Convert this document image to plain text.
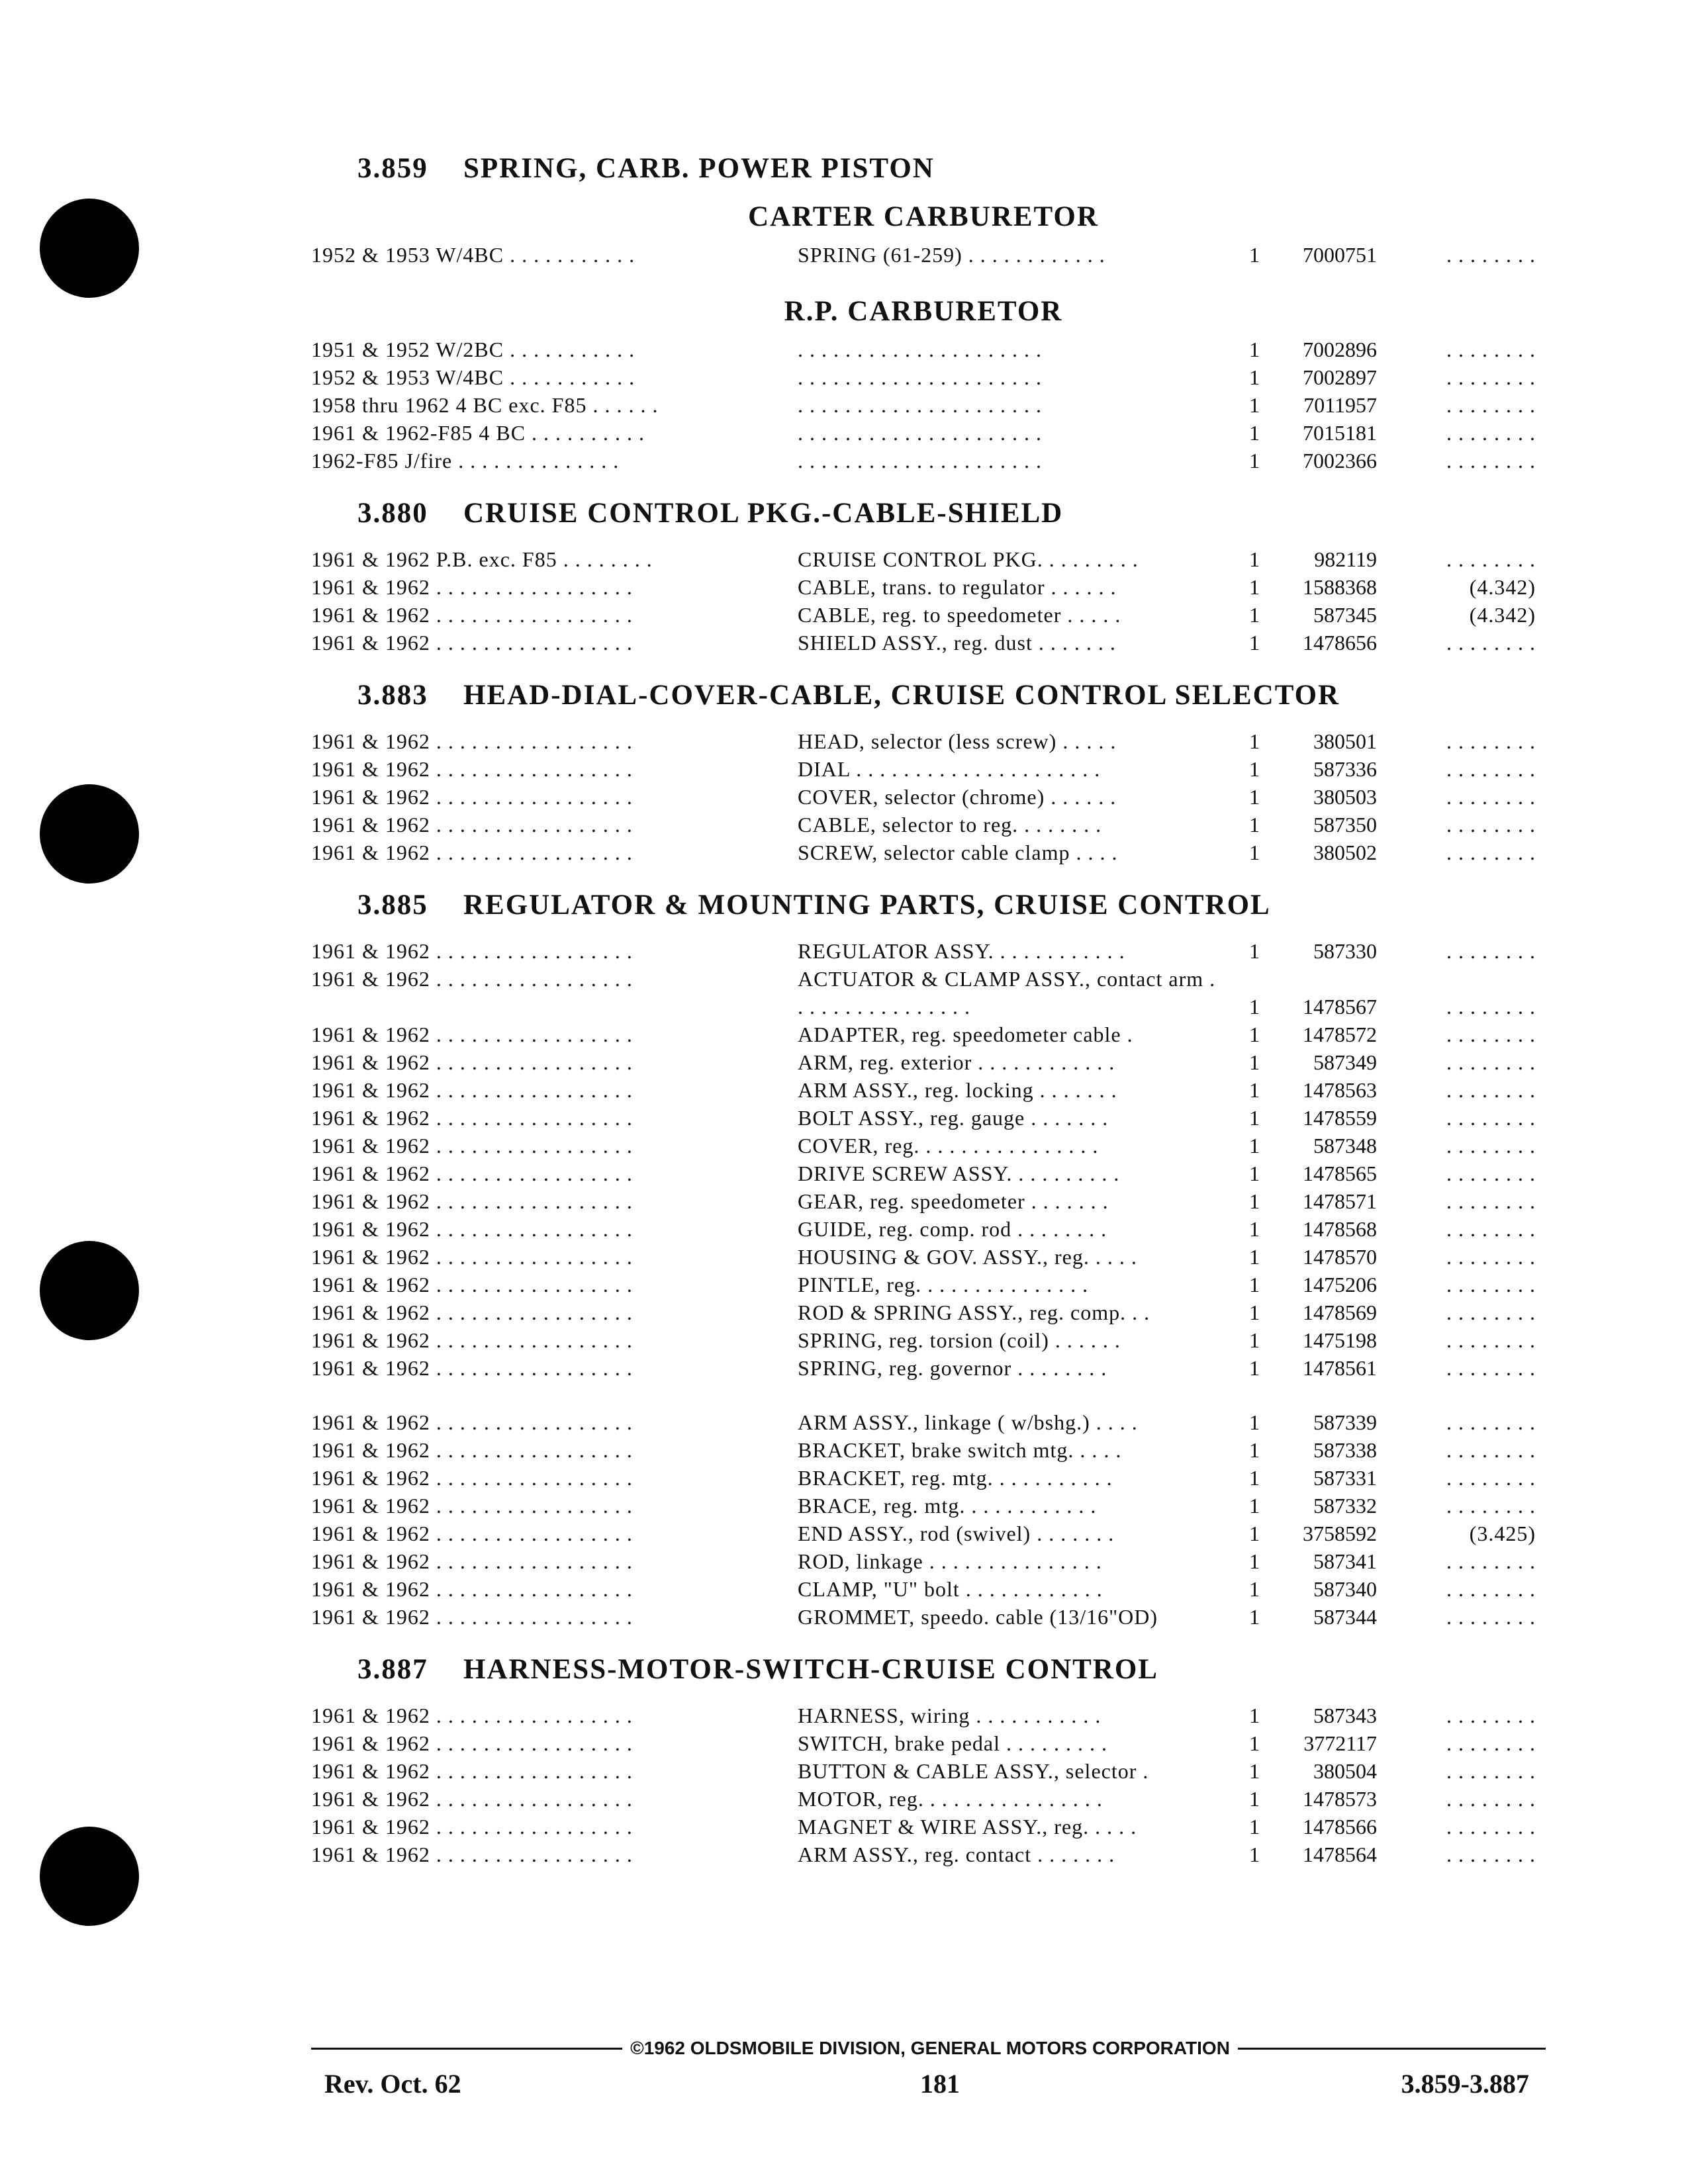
3.859 SPRING, CARB. POWER PISTON
CARTER CARBURETOR
1952 & 1953 W/4BC . . . . . . . . . . .	SPRING (61-259) . . . . . . . . . . . .	1	7000751	. . . . . . . .
R.P. CARBURETOR
1951 & 1952 W/2BC . . . . . . . . . . .	. . . . . . . . . . . . . . . . . . . . .	1	7002896	. . . . . . . .
1952 & 1953 W/4BC . . . . . . . . . . .	. . . . . . . . . . . . . . . . . . . . .	1	7002897	. . . . . . . .
1958 thru 1962 4 BC exc. F85 . . . . . .	. . . . . . . . . . . . . . . . . . . . .	1	7011957	. . . . . . . .
1961 & 1962-F85 4 BC . . . . . . . . . .	. . . . . . . . . . . . . . . . . . . . .	1	7015181	. . . . . . . .
1962-F85 J/fire . . . . . . . . . . . . . .	. . . . . . . . . . . . . . . . . . . . .	1	7002366	. . . . . . . .
3.880 CRUISE CONTROL PKG.-CABLE-SHIELD
1961 & 1962 P.B. exc. F85 . . . . . . . .	CRUISE CONTROL PKG. . . . . . . . .	1	982119	. . . . . . . .
1961 & 1962 . . . . . . . . . . . . . . . . .	CABLE, trans. to regulator . . . . . .	1	1588368	(4.342)
1961 & 1962 . . . . . . . . . . . . . . . . .	CABLE, reg. to speedometer . . . . .	1	587345	(4.342)
1961 & 1962 . . . . . . . . . . . . . . . . .	SHIELD ASSY., reg. dust . . . . . . .	1	1478656	. . . . . . . .
3.883 HEAD-DIAL-COVER-CABLE, CRUISE CONTROL SELECTOR
1961 & 1962 . . . . . . . . . . . . . . . . .	HEAD, selector (less screw) . . . . .	1	380501	. . . . . . . .
1961 & 1962 . . . . . . . . . . . . . . . . .	DIAL . . . . . . . . . . . . . . . . . . . . .	1	587336	. . . . . . . .
1961 & 1962 . . . . . . . . . . . . . . . . .	COVER, selector (chrome) . . . . . .	1	380503	. . . . . . . .
1961 & 1962 . . . . . . . . . . . . . . . . .	CABLE, selector to reg. . . . . . . .	1	587350	. . . . . . . .
1961 & 1962 . . . . . . . . . . . . . . . . .	SCREW, selector cable clamp . . . .	1	380502	. . . . . . . .
3.885 REGULATOR & MOUNTING PARTS, CRUISE CONTROL
1961 & 1962 . . . . . . . . . . . . . . . . .	REGULATOR ASSY. . . . . . . . . . . .	1	587330	. . . . . . . .
1961 & 1962 . . . . . . . . . . . . . . . . .	ACTUATOR & CLAMP ASSY., contact arm . . . . . . . . . . . . . . . .	1	1478567	. . . . . . . .
1961 & 1962 . . . . . . . . . . . . . . . . .	ADAPTER, reg. speedometer cable .	1	1478572	. . . . . . . .
1961 & 1962 . . . . . . . . . . . . . . . . .	ARM, reg. exterior . . . . . . . . . . . .	1	587349	. . . . . . . .
1961 & 1962 . . . . . . . . . . . . . . . . .	ARM ASSY., reg. locking . . . . . . .	1	1478563	. . . . . . . .
1961 & 1962 . . . . . . . . . . . . . . . . .	BOLT ASSY., reg. gauge . . . . . . .	1	1478559	. . . . . . . .
1961 & 1962 . . . . . . . . . . . . . . . . .	COVER, reg. . . . . . . . . . . . . . . .	1	587348	. . . . . . . .
1961 & 1962 . . . . . . . . . . . . . . . . .	DRIVE SCREW ASSY. . . . . . . . . .	1	1478565	. . . . . . . .
1961 & 1962 . . . . . . . . . . . . . . . . .	GEAR, reg. speedometer . . . . . . .	1	1478571	. . . . . . . .
1961 & 1962 . . . . . . . . . . . . . . . . .	GUIDE, reg. comp. rod . . . . . . . .	1	1478568	. . . . . . . .
1961 & 1962 . . . . . . . . . . . . . . . . .	HOUSING & GOV. ASSY., reg. . . . .	1	1478570	. . . . . . . .
1961 & 1962 . . . . . . . . . . . . . . . . .	PINTLE, reg. . . . . . . . . . . . . . .	1	1475206	. . . . . . . .
1961 & 1962 . . . . . . . . . . . . . . . . .	ROD & SPRING ASSY., reg. comp. . .	1	1478569	. . . . . . . .
1961 & 1962 . . . . . . . . . . . . . . . . .	SPRING, reg. torsion (coil) . . . . . .	1	1475198	. . . . . . . .
1961 & 1962 . . . . . . . . . . . . . . . . .	SPRING, reg. governor . . . . . . . .	1	1478561	. . . . . . . .
1961 & 1962 . . . . . . . . . . . . . . . . .	ARM ASSY., linkage ( w/bshg.) . . . .	1	587339	. . . . . . . .
1961 & 1962 . . . . . . . . . . . . . . . . .	BRACKET, brake switch mtg. . . . .	1	587338	. . . . . . . .
1961 & 1962 . . . . . . . . . . . . . . . . .	BRACKET, reg. mtg. . . . . . . . . . .	1	587331	. . . . . . . .
1961 & 1962 . . . . . . . . . . . . . . . . .	BRACE, reg. mtg. . . . . . . . . . . .	1	587332	. . . . . . . .
1961 & 1962 . . . . . . . . . . . . . . . . .	END ASSY., rod (swivel) . . . . . . .	1	3758592	(3.425)
1961 & 1962 . . . . . . . . . . . . . . . . .	ROD, linkage . . . . . . . . . . . . . . .	1	587341	. . . . . . . .
1961 & 1962 . . . . . . . . . . . . . . . . .	CLAMP, "U" bolt . . . . . . . . . . . .	1	587340	. . . . . . . .
1961 & 1962 . . . . . . . . . . . . . . . . .	GROMMET, speedo. cable (13/16"OD)	1	587344	. . . . . . . .
3.887 HARNESS-MOTOR-SWITCH-CRUISE CONTROL
1961 & 1962 . . . . . . . . . . . . . . . . .	HARNESS, wiring . . . . . . . . . . .	1	587343	. . . . . . . .
1961 & 1962 . . . . . . . . . . . . . . . . .	SWITCH, brake pedal . . . . . . . . .	1	3772117	. . . . . . . .
1961 & 1962 . . . . . . . . . . . . . . . . .	BUTTON & CABLE ASSY., selector .	1	380504	. . . . . . . .
1961 & 1962 . . . . . . . . . . . . . . . . .	MOTOR, reg. . . . . . . . . . . . . . . .	1	1478573	. . . . . . . .
1961 & 1962 . . . . . . . . . . . . . . . . .	MAGNET & WIRE ASSY., reg. . . . .	1	1478566	. . . . . . . .
1961 & 1962 . . . . . . . . . . . . . . . . .	ARM ASSY., reg. contact . . . . . . .	1	1478564	. . . . . . . .
©1962 OLDSMOBILE DIVISION, GENERAL MOTORS CORPORATION
Rev. Oct. 62	181	3.859-3.887
